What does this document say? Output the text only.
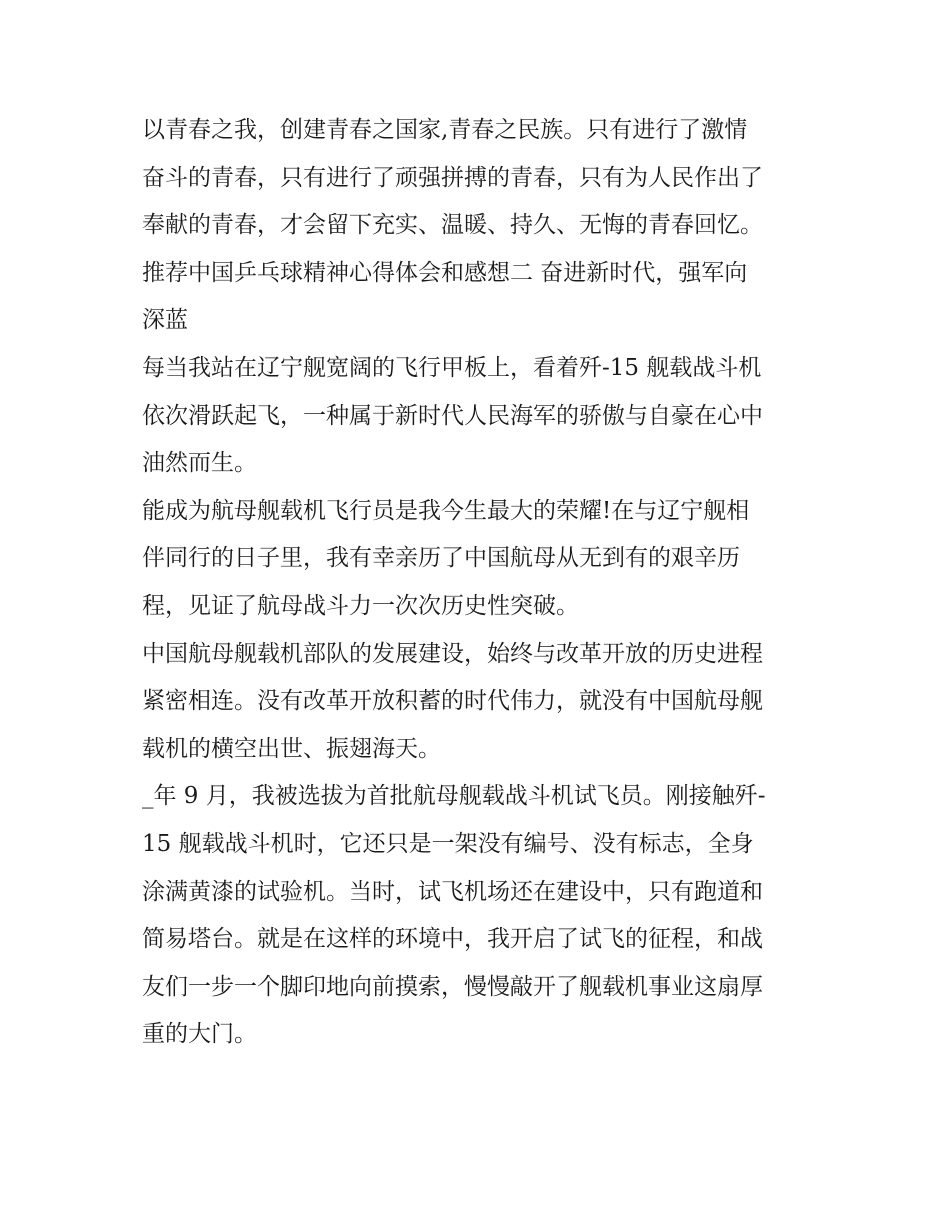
以青春之我，创建青春之国家,青春之民族。只有进行了激情
奋斗的青春，只有进行了顽强拼搏的青春，只有为人民作出了
奉献的青春，才会留下充实、温暖、持久、无悔的青春回忆。
推荐中国乒乓球精神心得体会和感想二 奋进新时代，强军向
深蓝
每当我站在辽宁舰宽阔的飞行甲板上，看着歼-15 舰载战斗机
依次滑跃起飞，一种属于新时代人民海军的骄傲与自豪在心中
油然而生。
能成为航母舰载机飞行员是我今生最大的荣耀!在与辽宁舰相
伴同行的日子里，我有幸亲历了中国航母从无到有的艰辛历
程，见证了航母战斗力一次次历史性突破。
中国航母舰载机部队的发展建设，始终与改革开放的历史进程
紧密相连。没有改革开放积蓄的时代伟力，就没有中国航母舰
载机的横空出世、振翅海天。
_年 9 月，我被选拔为首批航母舰载战斗机试飞员。刚接触歼-
15 舰载战斗机时，它还只是一架没有编号、没有标志，全身
涂满黄漆的试验机。当时，试飞机场还在建设中，只有跑道和
简易塔台。就是在这样的环境中，我开启了试飞的征程，和战
友们一步一个脚印地向前摸索，慢慢敲开了舰载机事业这扇厚
重的大门。
